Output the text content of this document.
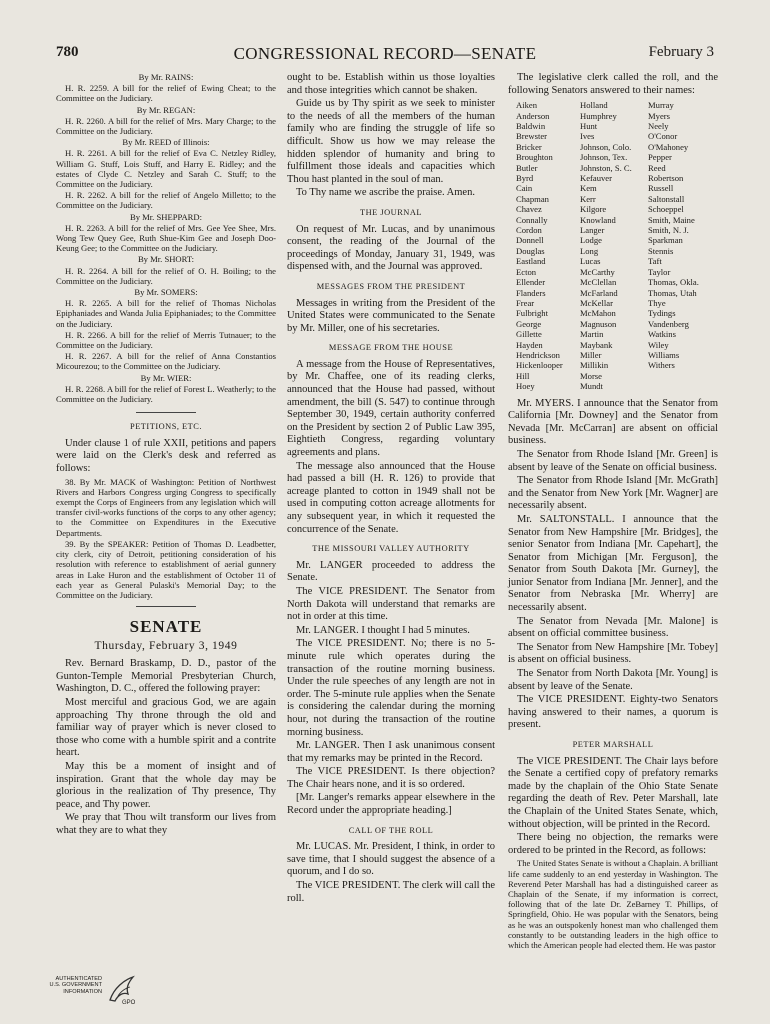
780	CONGRESSIONAL RECORD—SENATE	February 3

By Mr. RAINS:

H. R. 2259. A bill for the relief of Ewing Cheat; to the Committee on the Judiciary.

By Mr. REGAN:

H. R. 2260. A bill for the relief of Mrs. Mary Charge; to the Committee on the Judiciary.

By Mr. REED of Illinois:

H. R. 2261. A bill for the relief of Eva C. Netzley Ridley, William G. Stuff, Lois Stuff, and Harry E. Ridley; and the estates of Clyde C. Netzley and Sarah C. Stuff; to the Committee on the Judiciary.

H. R. 2262. A bill for the relief of Angelo Milletto; to the Committee on the Judiciary.

By Mr. SHEPPARD:

H. R. 2263. A bill for the relief of Mrs. Gee Yee Shee, Mrs. Wong Tew Quey Gee, Ruth Shue-Kim Gee and Joseph Doo-Keung Gee; to the Committee on the Judiciary.

By Mr. SHORT:

H. R. 2264. A bill for the relief of O. H. Boiling; to the Committee on the Judiciary.

By Mr. SOMERS:

H. R. 2265. A bill for the relief of Thomas Nicholas Epiphaniades and Wanda Julia Epiphaniades; to the Committee on the Judiciary.

H. R. 2266. A bill for the relief of Merris Tutnauer; to the Committee on the Judiciary.

H. R. 2267. A bill for the relief of Anna Constantios Micourezou; to the Committee on the Judiciary.

By Mr. WIER:

H. R. 2268. A bill for the relief of Forest L. Weatherly; to the Committee on the Judiciary.

PETITIONS, ETC.

Under clause 1 of rule XXII, petitions and papers were laid on the Clerk's desk and referred as follows:

38. By Mr. MACK of Washington: Petition of Northwest Rivers and Harbors Congress urging Congress to specifically exempt the Corps of Engineers from any legislation which will transfer civil-works functions of the corps to any other agency; to the Committee on Expenditures in the Executive Departments.

39. By the SPEAKER: Petition of Thomas D. Leadbetter, city clerk, city of Detroit, petitioning consideration of his resolution with reference to establishment of aerial gunnery areas in Lake Huron and the establishment of October 11 of each year as General Pulaski's Memorial Day; to the Committee on the Judiciary.

SENATE

Thursday, February 3, 1949

Rev. Bernard Braskamp, D. D., pastor of the Gunton-Temple Memorial Presbyterian Church, Washington, D. C., offered the following prayer:

Most merciful and gracious God, we are again approaching Thy throne through the old and familiar way of prayer which is never closed to those who come with a humble spirit and a contrite heart.

May this be a moment of insight and of inspiration. Grant that the whole day may be glorious in the realization of Thy presence, Thy peace, and Thy power.

We pray that Thou wilt transform our lives from what they are to what they

ought to be. Establish within us those loyalties and those integrities which cannot be shaken.

Guide us by Thy spirit as we seek to minister to the needs of all the members of the human family who are finding the struggle of life so difficult. Show us how we may release the hidden splendor of humanity and bring to fulfillment those ideals and capacities which Thou hast planted in the soul of man.

To Thy name we ascribe the praise. Amen.

THE JOURNAL

On request of Mr. Lucas, and by unanimous consent, the reading of the Journal of the proceedings of Monday, January 31, 1949, was dispensed with, and the Journal was approved.

MESSAGES FROM THE PRESIDENT

Messages in writing from the President of the United States were communicated to the Senate by Mr. Miller, one of his secretaries.

MESSAGE FROM THE HOUSE

A message from the House of Representatives, by Mr. Chaffee, one of its reading clerks, announced that the House had passed, without amendment, the bill (S. 547) to continue through September 30, 1949, certain authority conferred on the President by section 2 of Public Law 395, Eightieth Congress, regarding voluntary agreements and plans.

The message also announced that the House had passed a bill (H. R. 126) to provide that acreage planted to cotton in 1949 shall not be used in computing cotton acreage allotments for any subsequent year, in which it requested the concurrence of the Senate.

THE MISSOURI VALLEY AUTHORITY

Mr. LANGER proceeded to address the Senate.

The VICE PRESIDENT. The Senator from North Dakota will understand that remarks are not in order at this time.

Mr. LANGER. I thought I had 5 minutes.

The VICE PRESIDENT. No; there is no 5-minute rule which operates during the transaction of the routine morning business. Under the rule speeches of any length are not in order. The 5-minute rule applies when the Senate is considering the calendar during the morning hour, not during the transaction of the routine morning business.

Mr. LANGER. Then I ask unanimous consent that my remarks may be printed in the Record.

The VICE PRESIDENT. Is there objection? The Chair hears none, and it is so ordered.

[Mr. Langer's remarks appear elsewhere in the Record under the appropriate heading.]

CALL OF THE ROLL

Mr. LUCAS. Mr. President, I think, in order to save time, that I should suggest the absence of a quorum, and I do so.

The VICE PRESIDENT. The clerk will call the roll.

The legislative clerk called the roll, and the following Senators answered to their names:

Aiken	Holland	Murray
Anderson	Humphrey	Myers
Baldwin	Hunt	Neely
Brewster	Ives	O'Conor
Bricker	Johnson, Colo.	O'Mahoney
Broughton	Johnson, Tex.	Pepper
Butler	Johnston, S. C.	Reed
Byrd	Kefauver	Robertson
Cain	Kem	Russell
Chapman	Kerr	Saltonstall
Chavez	Kilgore	Schoeppel
Connally	Knowland	Smith, Maine
Cordon	Langer	Smith, N. J.
Donnell	Lodge	Sparkman
Douglas	Long	Stennis
Eastland	Lucas	Taft
Ecton	McCarthy	Taylor
Ellender	McClellan	Thomas, Okla.
Flanders	McFarland	Thomas, Utah
Frear	McKellar	Thye
Fulbright	McMahon	Tydings
George	Magnuson	Vandenberg
Gillette	Martin	Watkins
Hayden	Maybank	Wiley
Hendrickson	Miller	Williams
Hickenlooper	Millikin	Withers
Hill	Morse
Hoey	Mundt

Mr. MYERS. I announce that the Senator from California [Mr. Downey] and the Senator from Nevada [Mr. McCarran] are absent on official business.

The Senator from Rhode Island [Mr. Green] is absent by leave of the Senate on official business.

The Senator from Rhode Island [Mr. McGrath] and the Senator from New York [Mr. Wagner] are necessarily absent.

Mr. SALTONSTALL. I announce that the Senator from New Hampshire [Mr. Bridges], the senior Senator from Indiana [Mr. Capehart], the Senator from Michigan [Mr. Ferguson], the Senator from South Dakota [Mr. Gurney], the junior Senator from Indiana [Mr. Jenner], and the Senator from Nebraska [Mr. Wherry] are necessarily absent.

The Senator from Nevada [Mr. Malone] is absent on official committee business.

The Senator from New Hampshire [Mr. Tobey] is absent on official business.

The Senator from North Dakota [Mr. Young] is absent by leave of the Senate.

The VICE PRESIDENT. Eighty-two Senators having answered to their names, a quorum is present.

PETER MARSHALL

The VICE PRESIDENT. The Chair lays before the Senate a certified copy of prefatory remarks made by the chaplain of the Ohio State Senate regarding the death of Rev. Peter Marshall, late the Chaplain of the United States Senate, which, without objection, will be printed in the Record.

There being no objection, the remarks were ordered to be printed in the Record, as follows:

The United States Senate is without a Chaplain. A brilliant life came suddenly to an end yesterday in Washington. The Reverend Peter Marshall has had a distinguished career as Chaplain of the Senate, if my information is correct, following that of the late Dr. ZeBarney T. Phillips, of Springfield, Ohio. He was popular with the Senators, being as he was an outspokenly honest man who challenged them constantly to be outstanding leaders in the high office to which the American people had elected them. He was pastor

AUTHENTICATED
U.S. GOVERNMENT
INFORMATION
GPO
